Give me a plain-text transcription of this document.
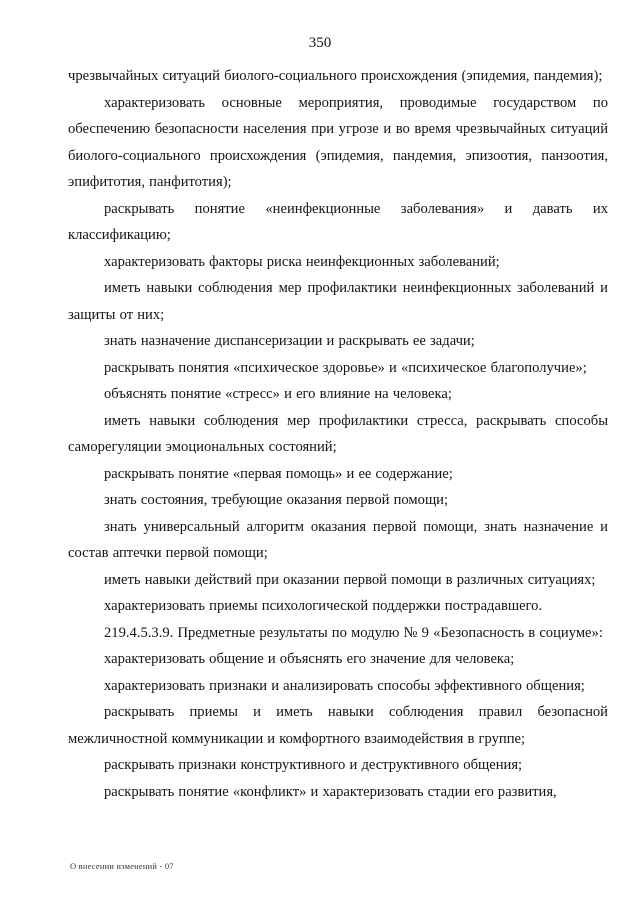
350

чрезвычайных ситуаций биолого-социального происхождения (эпидемия, пандемия);

характеризовать основные мероприятия, проводимые государством по обеспечению безопасности населения при угрозе и во время чрезвычайных ситуаций биолого-социального происхождения (эпидемия, пандемия, эпизоотия, панзоотия, эпифитотия, панфитотия);

раскрывать понятие «неинфекционные заболевания» и давать их классификацию;

характеризовать факторы риска неинфекционных заболеваний;

иметь навыки соблюдения мер профилактики неинфекционных заболеваний и защиты от них;

знать назначение диспансеризации и раскрывать ее задачи;

раскрывать понятия «психическое здоровье» и «психическое благополучие»;

объяснять понятие «стресс» и его влияние на человека;

иметь навыки соблюдения мер профилактики стресса, раскрывать способы саморегуляции эмоциональных состояний;

раскрывать понятие «первая помощь» и ее содержание;

знать состояния, требующие оказания первой помощи;

знать универсальный алгоритм оказания первой помощи, знать назначение и состав аптечки первой помощи;

иметь навыки действий при оказании первой помощи в различных ситуациях;

характеризовать приемы психологической поддержки пострадавшего.

219.4.5.3.9. Предметные результаты по модулю № 9 «Безопасность в социуме»:

характеризовать общение и объяснять его значение для человека;

характеризовать признаки и анализировать способы эффективного общения;

раскрывать приемы и иметь навыки соблюдения правил безопасной межличностной коммуникации и комфортного взаимодействия в группе;

раскрывать признаки конструктивного и деструктивного общения;

раскрывать понятие «конфликт» и характеризовать стадии его развития,

О внесении изменений - 07
